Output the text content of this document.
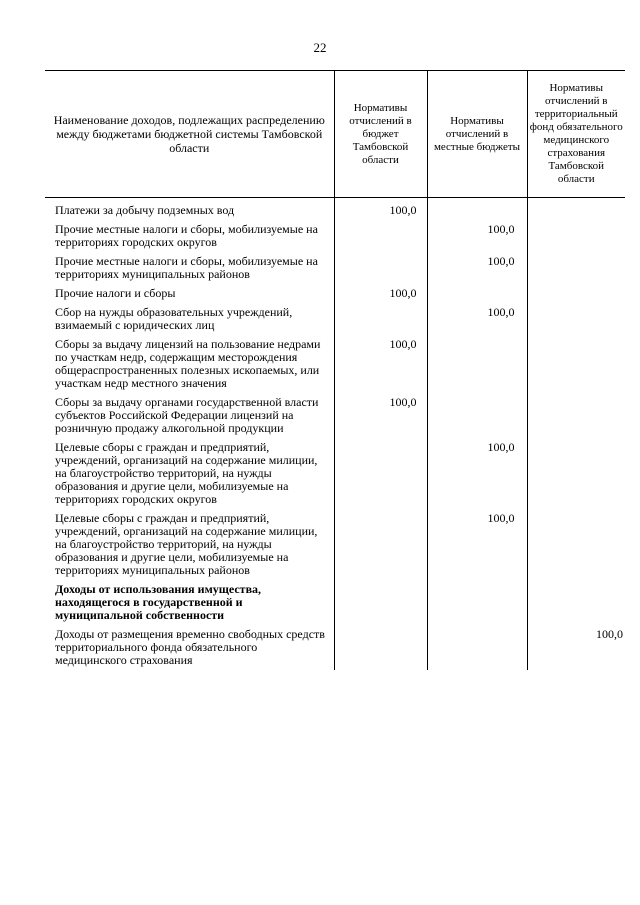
22
Наименование доходов, подлежащих распределению между бюджетами бюджетной системы Тамбовской области	Нормативы отчислений в бюджет Тамбовской области	Нормативы отчислений в местные бюджеты	Нормативы отчислений в территориальный фонд обязательного медицинского страхования Тамбовской области
Платежи за добычу подземных вод	100,0		
Прочие местные налоги и сборы, мобилизуемые на территориях городских округов		100,0	
Прочие местные налоги и сборы, мобилизуемые на территориях муниципальных районов		100,0	
Прочие налоги и сборы	100,0		
Сбор на нужды образовательных учреждений, взимаемый с юридических лиц		100,0	
Сборы за выдачу лицензий на пользование недрами по участкам недр, содержащим месторождения общераспространенных полезных ископаемых, или участкам недр местного значения	100,0		
Сборы за выдачу органами государственной власти субъектов Российской Федерации лицензий на розничную продажу алкогольной продукции	100,0		
Целевые сборы с граждан и предприятий, учреждений, организаций на содержание милиции, на благоустройство территорий, на нужды образования и другие цели, мобилизуемые на территориях городских округов		100,0	
Целевые сборы с граждан и предприятий, учреждений, организаций на содержание милиции, на благоустройство территорий, на нужды образования и другие цели, мобилизуемые на территориях муниципальных районов		100,0	
Доходы от использования имущества, находящегося в государственной и муниципальной собственности			
Доходы от размещения временно свободных средств территориального фонда обязательного медицинского страхования			100,0
